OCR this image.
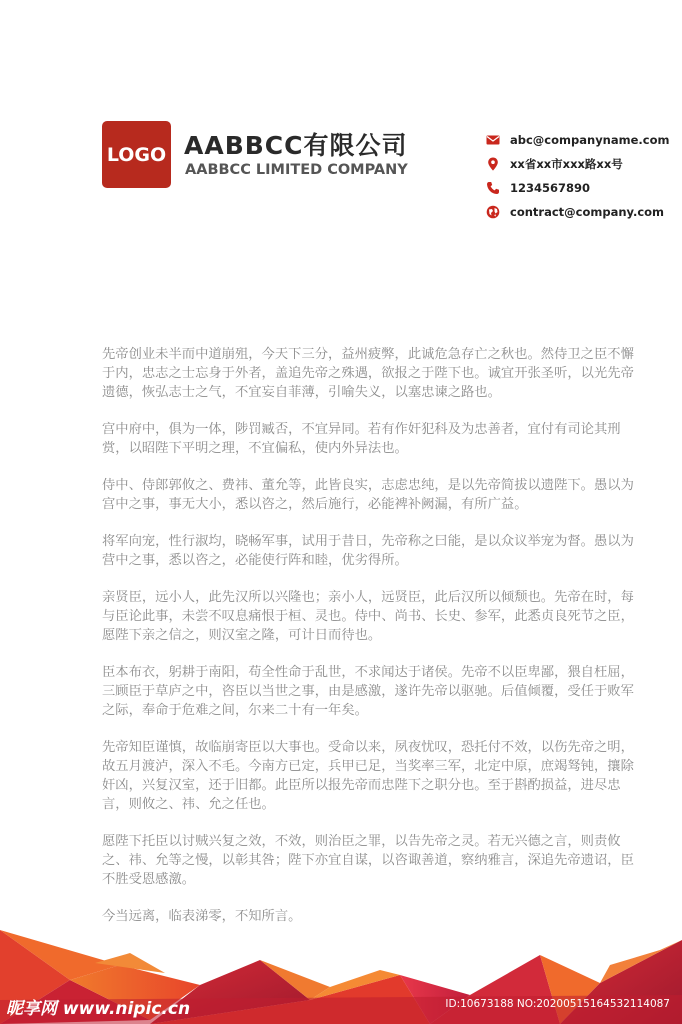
LOGO AABBCC有限公司
AABBCC LIMITED COMPANY
abc@companyname.com
xx省xx市xxx路xx号
1234567890
contract@company.com

先帝创业未半而中道崩殂，今天下三分，益州疲弊，此诚危急存亡之秋也。然侍卫之臣不懈于内，忠志之士忘身于外者，盖追先帝之殊遇，欲报之于陛下也。诚宜开张圣听，以光先帝遗德，恢弘志士之气，不宜妄自菲薄，引喻失义，以塞忠谏之路也。

宫中府中，俱为一体，陟罚臧否，不宜异同。若有作奸犯科及为忠善者，宜付有司论其刑赏，以昭陛下平明之理，不宜偏私，使内外异法也。

侍中、侍郎郭攸之、费祎、董允等，此皆良实，志虑忠纯，是以先帝简拔以遗陛下。愚以为宫中之事，事无大小，悉以咨之，然后施行，必能裨补阙漏，有所广益。

将军向宠，性行淑均，晓畅军事，试用于昔日，先帝称之曰能，是以众议举宠为督。愚以为营中之事，悉以咨之，必能使行阵和睦，优劣得所。

亲贤臣，远小人，此先汉所以兴隆也；亲小人，远贤臣，此后汉所以倾颓也。先帝在时，每与臣论此事，未尝不叹息痛恨于桓、灵也。侍中、尚书、长史、参军，此悉贞良死节之臣，愿陛下亲之信之，则汉室之隆，可计日而待也。

臣本布衣，躬耕于南阳，苟全性命于乱世，不求闻达于诸侯。先帝不以臣卑鄙，猥自枉屈，三顾臣于草庐之中，咨臣以当世之事，由是感激，遂许先帝以驱驰。后值倾覆，受任于败军之际，奉命于危难之间，尔来二十有一年矣。

先帝知臣谨慎，故临崩寄臣以大事也。受命以来，夙夜忧叹，恐托付不效，以伤先帝之明，故五月渡泸，深入不毛。今南方已定，兵甲已足，当奖率三军，北定中原，庶竭驽钝，攘除奸凶，兴复汉室，还于旧都。此臣所以报先帝而忠陛下之职分也。至于斟酌损益，进尽忠言，则攸之、祎、允之任也。

愿陛下托臣以讨贼兴复之效，不效，则治臣之罪，以告先帝之灵。若无兴德之言，则责攸之、祎、允等之慢，以彰其咎；陛下亦宜自谋，以咨诹善道，察纳雅言，深追先帝遗诏，臣不胜受恩感激。

今当远离，临表涕零，不知所言。

昵享网 www.nipic.cn	ID:10673188 NO:20200515164532114087
